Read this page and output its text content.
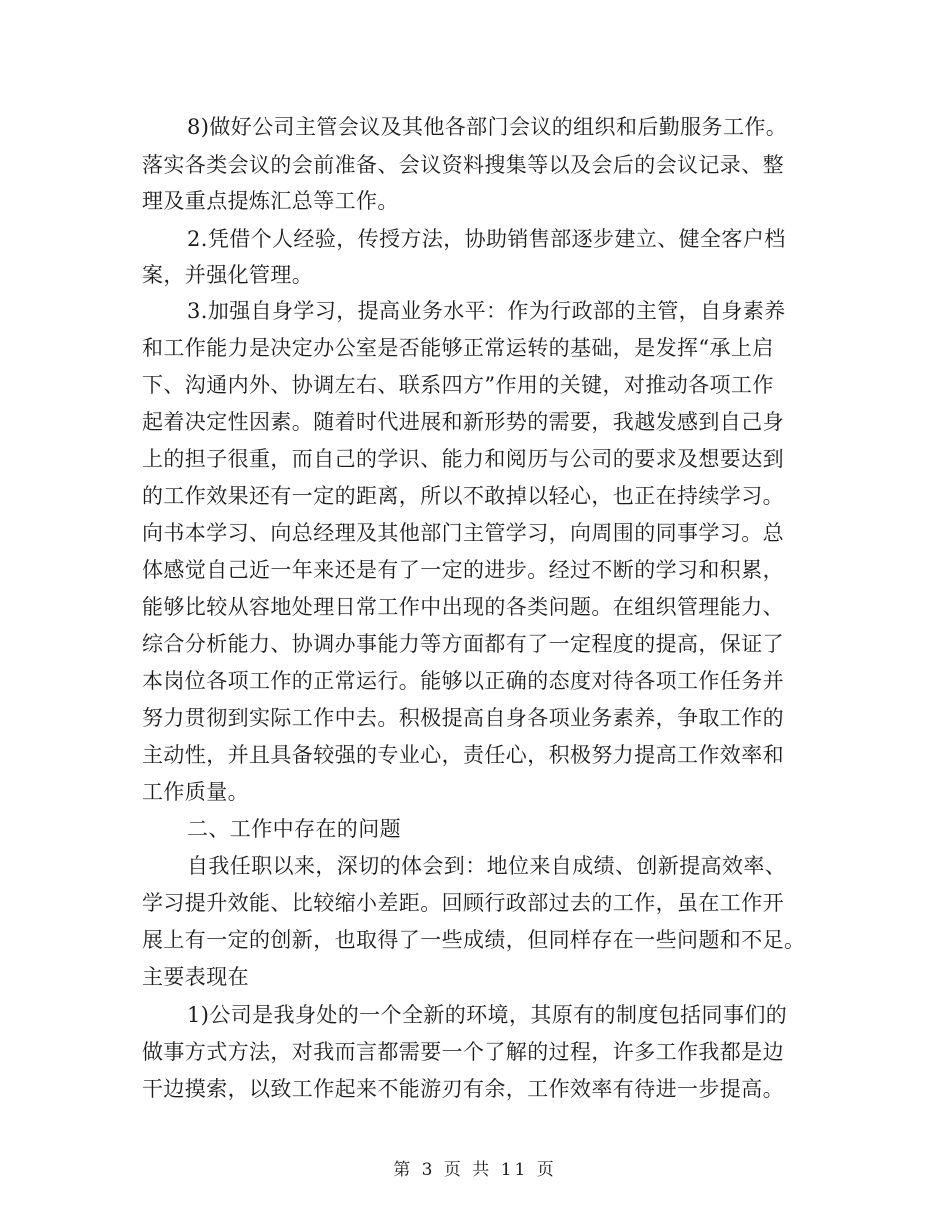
8)做好公司主管会议及其他各部门会议的组织和后勤服务工作。
落实各类会议的会前准备、会议资料搜集等以及会后的会议记录、整
理及重点提炼汇总等工作。
2.凭借个人经验，传授方法，协助销售部逐步建立、健全客户档
案，并强化管理。
3.加强自身学习，提高业务水平：作为行政部的主管，自身素养
和工作能力是决定办公室是否能够正常运转的基础，是发挥“承上启
下、沟通内外、协调左右、联系四方”作用的关键，对推动各项工作
起着决定性因素。随着时代进展和新形势的需要，我越发感到自己身
上的担子很重，而自己的学识、能力和阅历与公司的要求及想要达到
的工作效果还有一定的距离，所以不敢掉以轻心，也正在持续学习。
向书本学习、向总经理及其他部门主管学习，向周围的同事学习。总
体感觉自己近一年来还是有了一定的进步。经过不断的学习和积累，
能够比较从容地处理日常工作中出现的各类问题。在组织管理能力、
综合分析能力、协调办事能力等方面都有了一定程度的提高，保证了
本岗位各项工作的正常运行。能够以正确的态度对待各项工作任务并
努力贯彻到实际工作中去。积极提高自身各项业务素养，争取工作的
主动性，并且具备较强的专业心，责任心，积极努力提高工作效率和
工作质量。
二、工作中存在的问题
自我任职以来，深切的体会到：地位来自成绩、创新提高效率、
学习提升效能、比较缩小差距。回顾行政部过去的工作，虽在工作开
展上有一定的创新，也取得了一些成绩，但同样存在一些问题和不足。
主要表现在
1)公司是我身处的一个全新的环境，其原有的制度包括同事们的
做事方式方法，对我而言都需要一个了解的过程，许多工作我都是边
干边摸索，以致工作起来不能游刃有余，工作效率有待进一步提高。
第 3 页 共 11 页
